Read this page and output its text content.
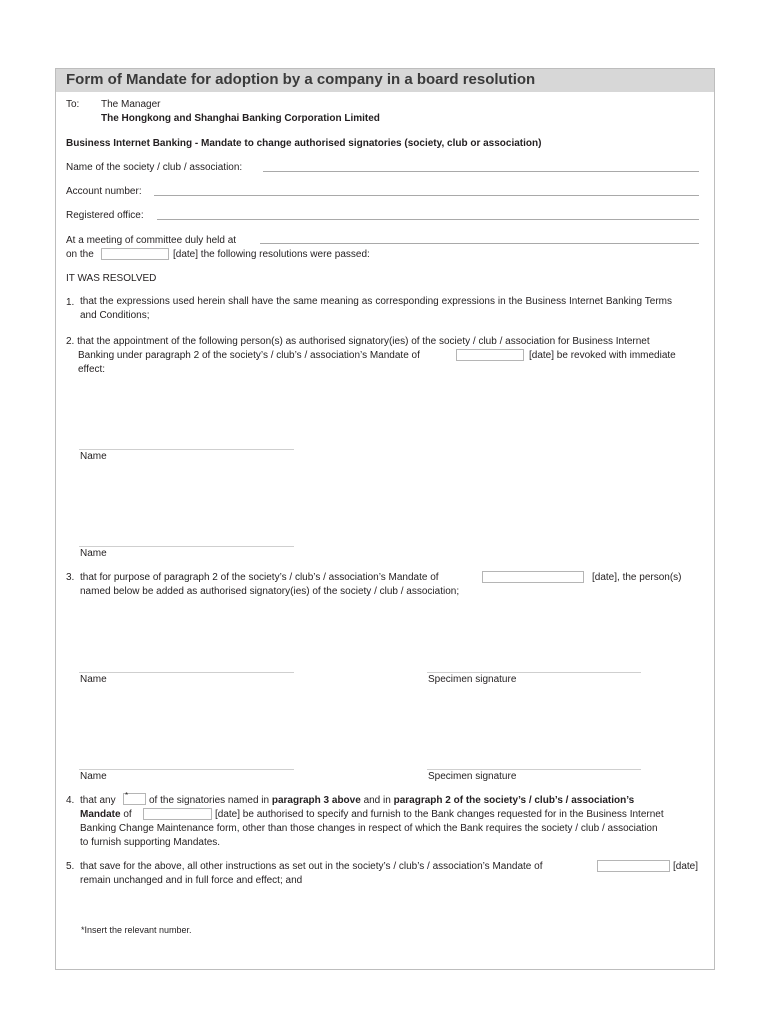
Form of Mandate for adoption by a company in a board resolution
To: The Manager
The Hongkong and Shanghai Banking Corporation Limited
Business Internet Banking - Mandate to change authorised signatories (society, club or association)
Name of the society / club / association:
Account number:
Registered office:
At a meeting of committee duly held at
on the	[date] the following resolutions were passed:
IT WAS RESOLVED
1. that the expressions used herein shall have the same meaning as corresponding expressions in the Business Internet Banking Terms and Conditions;
2. that the appointment of the following person(s) as authorised signatory(ies) of the society / club / association for Business Internet
Banking under paragraph 2 of the society’s / club’s / association’s Mandate of	[date] be revoked with immediate
effect:
Name
Name
3. that for purpose of paragraph 2 of the society’s / club’s / association’s Mandate of	[date], the person(s)
named below be added as authorised signatory(ies) of the society / club / association;
Name	Specimen signature
Name	Specimen signature
4. that any * of the signatories named in paragraph 3 above and in paragraph 2 of the society’s / club’s / association’s
Mandate of	[date] be authorised to specify and furnish to the Bank changes requested for in the Business Internet
Banking Change Maintenance form, other than those changes in respect of which the Bank requires the society / club / association
to furnish supporting Mandates.
5. that save for the above, all other instructions as set out in the society’s / club’s / association’s Mandate of	[date]
remain unchanged and in full force and effect; and
*Insert the relevant number.
